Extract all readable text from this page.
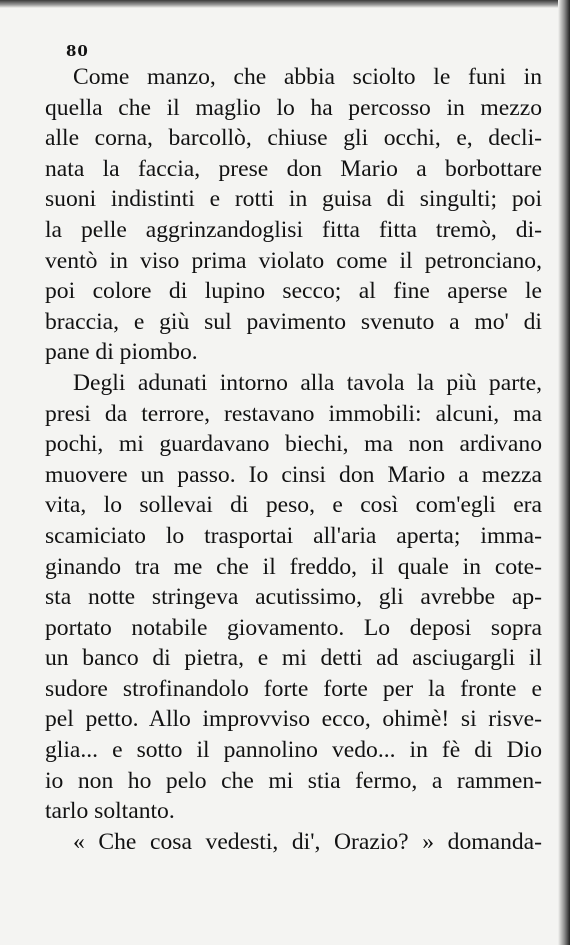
80
Come manzo, che abbia sciolto le funi in
quella che il maglio lo ha percosso in mezzo
alle corna, barcollò, chiuse gli occhi, e, decli-
nata la faccia, prese don Mario a borbottare
suoni indistinti e rotti in guisa di singulti; poi
la pelle aggrinzandoglisi fitta fitta tremò, di-
ventò in viso prima violato come il petronciano,
poi colore di lupino secco; al fine aperse le
braccia, e giù sul pavimento svenuto a mo' di
pane di piombo.
Degli adunati intorno alla tavola la più parte,
presi da terrore, restavano immobili: alcuni, ma
pochi, mi guardavano biechi, ma non ardivano
muovere un passo. Io cinsi don Mario a mezza
vita, lo sollevai di peso, e così com'egli era
scamiciato lo trasportai all'aria aperta; imma-
ginando tra me che il freddo, il quale in cote-
sta notte stringeva acutissimo, gli avrebbe ap-
portato notabile giovamento. Lo deposi sopra
un banco di pietra, e mi detti ad asciugargli il
sudore strofinandolo forte forte per la fronte e
pel petto. Allo improvviso ecco, ohimè! si risve-
glia... e sotto il pannolino vedo... in fè di Dio
io non ho pelo che mi stia fermo, a rammen-
tarlo soltanto.
« Che cosa vedesti, di', Orazio? » domanda-
